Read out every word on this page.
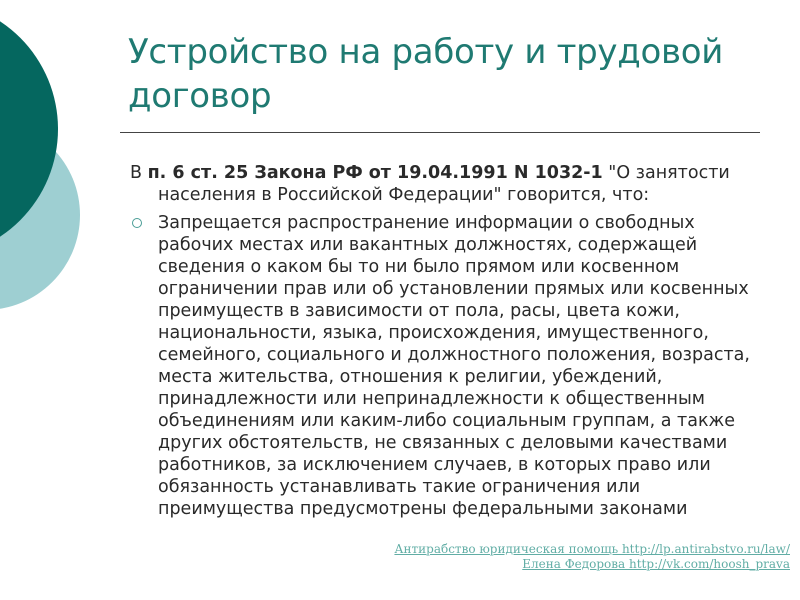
Устройство на работу и трудовой договор

В п. 6 ст. 25 Закона РФ от 19.04.1991 N 1032-1 "О занятости населения в Российской Федерации" говорится, что:

Запрещается распространение информации о свободных рабочих местах или вакантных должностях, содержащей сведения о каком бы то ни было прямом или косвенном ограничении прав или об установлении прямых или косвенных преимуществ в зависимости от пола, расы, цвета кожи, национальности, языка, происхождения, имущественного, семейного, социального и должностного положения, возраста, места жительства, отношения к религии, убеждений, принадлежности или непринадлежности к общественным объединениям или каким-либо социальным группам, а также других обстоятельств, не связанных с деловыми качествами работников, за исключением случаев, в которых право или обязанность устанавливать такие ограничения или преимущества предусмотрены федеральными законами
Антирабство юридическая помощь http://lp.antirabstvo.ru/law/
Елена Федорова http://vk.com/hoosh_prava
